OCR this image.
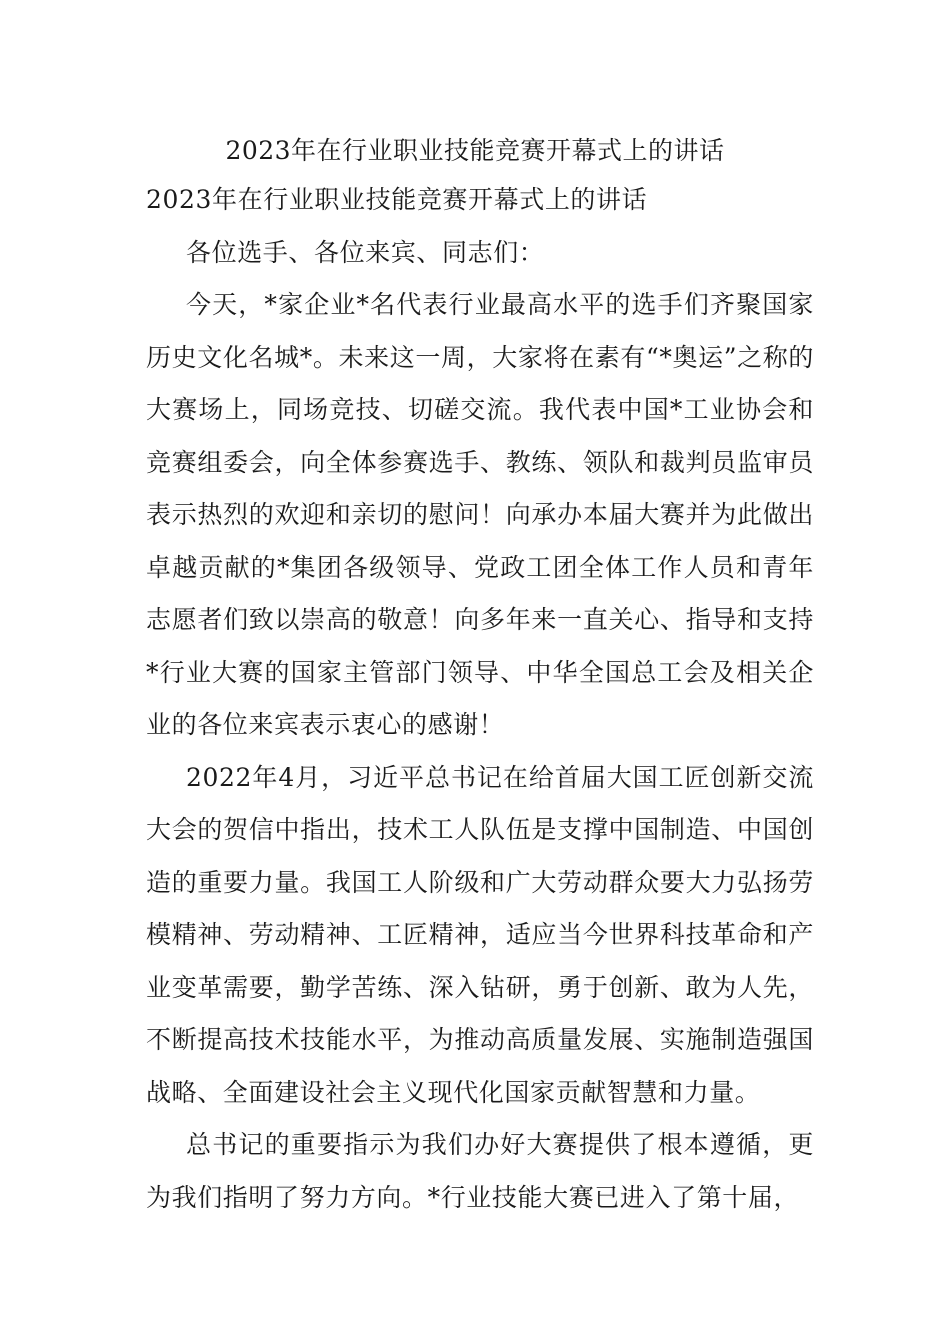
2023年在行业职业技能竞赛开幕式上的讲话

2023年在行业职业技能竞赛开幕式上的讲话

各位选手、各位来宾、同志们：

今天，*家企业*名代表行业最高水平的选手们齐聚国家历史文化名城*。未来这一周，大家将在素有“*奥运”之称的大赛场上，同场竞技、切磋交流。我代表中国*工业协会和竞赛组委会，向全体参赛选手、教练、领队和裁判员监审员表示热烈的欢迎和亲切的慰问！向承办本届大赛并为此做出卓越贡献的*集团各级领导、党政工团全体工作人员和青年志愿者们致以崇高的敬意！向多年来一直关心、指导和支持*行业大赛的国家主管部门领导、中华全国总工会及相关企业的各位来宾表示衷心的感谢！

2022年4月，习近平总书记在给首届大国工匠创新交流大会的贺信中指出，技术工人队伍是支撑中国制造、中国创造的重要力量。我国工人阶级和广大劳动群众要大力弘扬劳模精神、劳动精神、工匠精神，适应当今世界科技革命和产业变革需要，勤学苦练、深入钻研，勇于创新、敢为人先，不断提高技术技能水平，为推动高质量发展、实施制造强国战略、全面建设社会主义现代化国家贡献智慧和力量。

总书记的重要指示为我们办好大赛提供了根本遵循，更为我们指明了努力方向。*行业技能大赛已进入了第十届，
